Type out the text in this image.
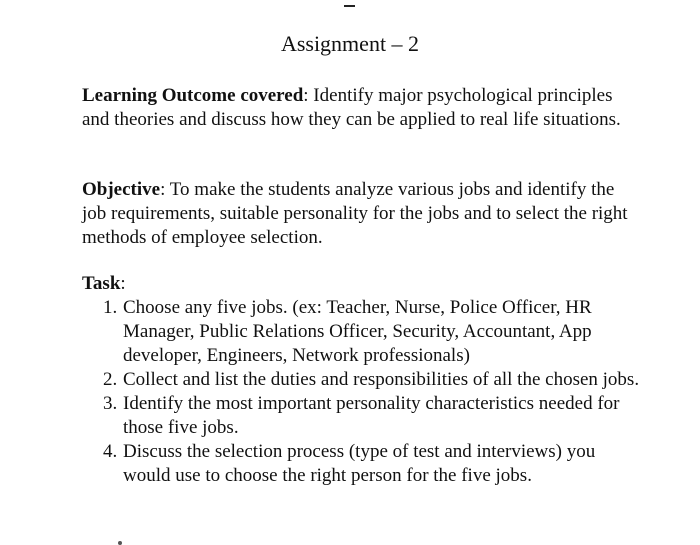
Assignment – 2
Learning Outcome covered: Identify major psychological principles and theories and discuss how they can be applied to real life situations.
Objective: To make the students analyze various jobs and identify the job requirements, suitable personality for the jobs and to select the right methods of employee selection.
Task:
1. Choose any five jobs. (ex: Teacher, Nurse, Police Officer, HR Manager, Public Relations Officer, Security, Accountant, App developer, Engineers, Network professionals)
2. Collect and list the duties and responsibilities of all the chosen jobs.
3. Identify the most important personality characteristics needed for those five jobs.
4. Discuss the selection process (type of test and interviews) you would use to choose the right person for the five jobs.
